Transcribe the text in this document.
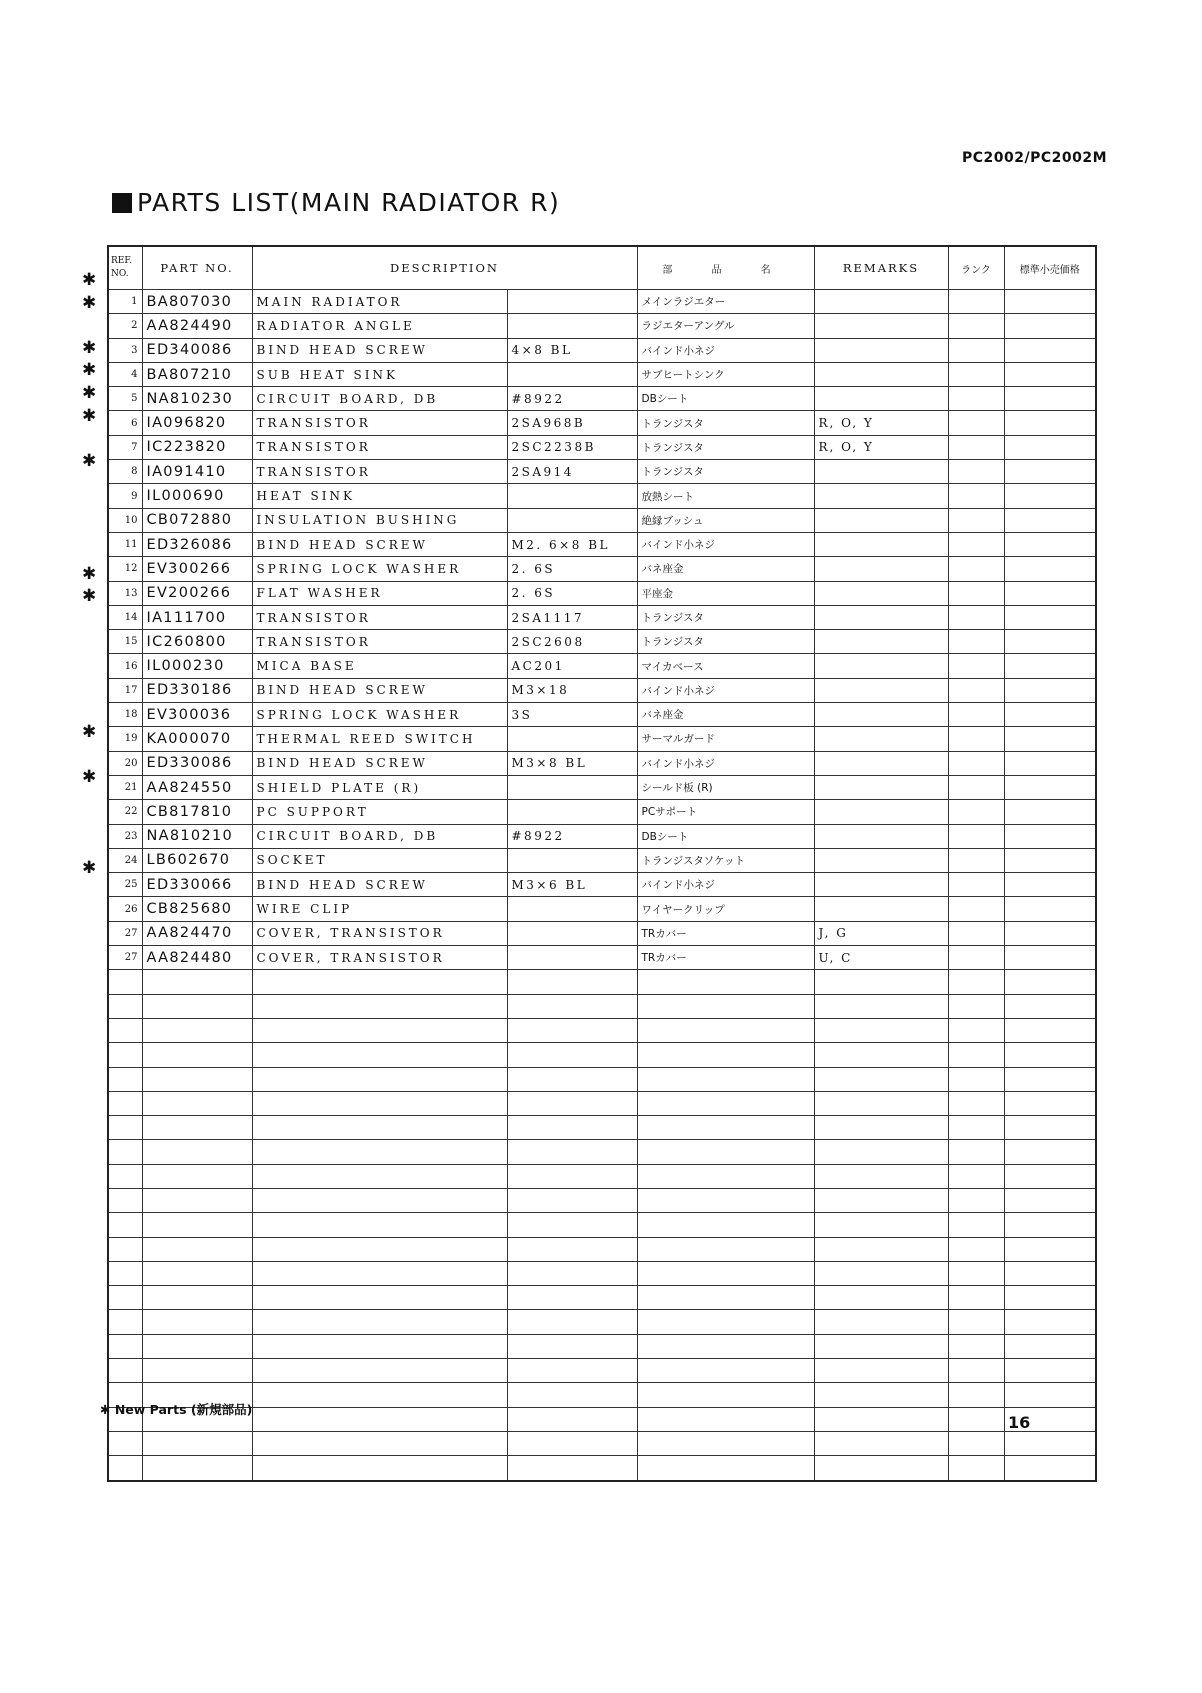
PC2002/PC2002M
PARTS LIST(MAIN RADIATOR R)
REF.
NO.	PART NO.	DESCRIPTION		部 品 名	REMARKS	ランク	標準小売価格
1	BA807030	MAIN RADIATOR		メインラジエター			
2	AA824490	RADIATOR ANGLE		ラジエターアングル			
3	ED340086	BIND HEAD SCREW	4×8 BL	バインド小ネジ			
4	BA807210	SUB HEAT SINK		サブヒートシンク			
5	NA810230	CIRCUIT BOARD, DB	#8922	DBシート			
6	IA096820	TRANSISTOR	2SA968B	トランジスタ	R, O, Y		
7	IC223820	TRANSISTOR	2SC2238B	トランジスタ	R, O, Y		
8	IA091410	TRANSISTOR	2SA914	トランジスタ			
9	IL000690	HEAT SINK		放熱シート			
10	CB072880	INSULATION BUSHING		絶縁ブッシュ			
11	ED326086	BIND HEAD SCREW	M2. 6×8 BL	バインド小ネジ			
12	EV300266	SPRING LOCK WASHER	2. 6S	バネ座金			
13	EV200266	FLAT WASHER	2. 6S	平座金			
14	IA111700	TRANSISTOR	2SA1117	トランジスタ			
15	IC260800	TRANSISTOR	2SC2608	トランジスタ			
16	IL000230	MICA BASE	AC201	マイカベース			
17	ED330186	BIND HEAD SCREW	M3×18	バインド小ネジ			
18	EV300036	SPRING LOCK WASHER	3S	バネ座金			
19	KA000070	THERMAL REED SWITCH		サーマルガード			
20	ED330086	BIND HEAD SCREW	M3×8 BL	バインド小ネジ			
21	AA824550	SHIELD PLATE (R)		シールド板 (R)			
22	CB817810	PC SUPPORT		PCサポート			
23	NA810210	CIRCUIT BOARD, DB	#8922	DBシート			
24	LB602670	SOCKET		トランジスタソケット			
25	ED330066	BIND HEAD SCREW	M3×6 BL	バインド小ネジ			
26	CB825680	WIRE CLIP		ワイヤークリップ			
27	AA824470	COVER, TRANSISTOR		TRカバー	J, G		
27	AA824480	COVER, TRANSISTOR		TRカバー	U, C		

✱
✱
✱
✱
✱
✱
✱
✱
✱
✱
✱
✱
✱ New Parts (新規部品)
16
